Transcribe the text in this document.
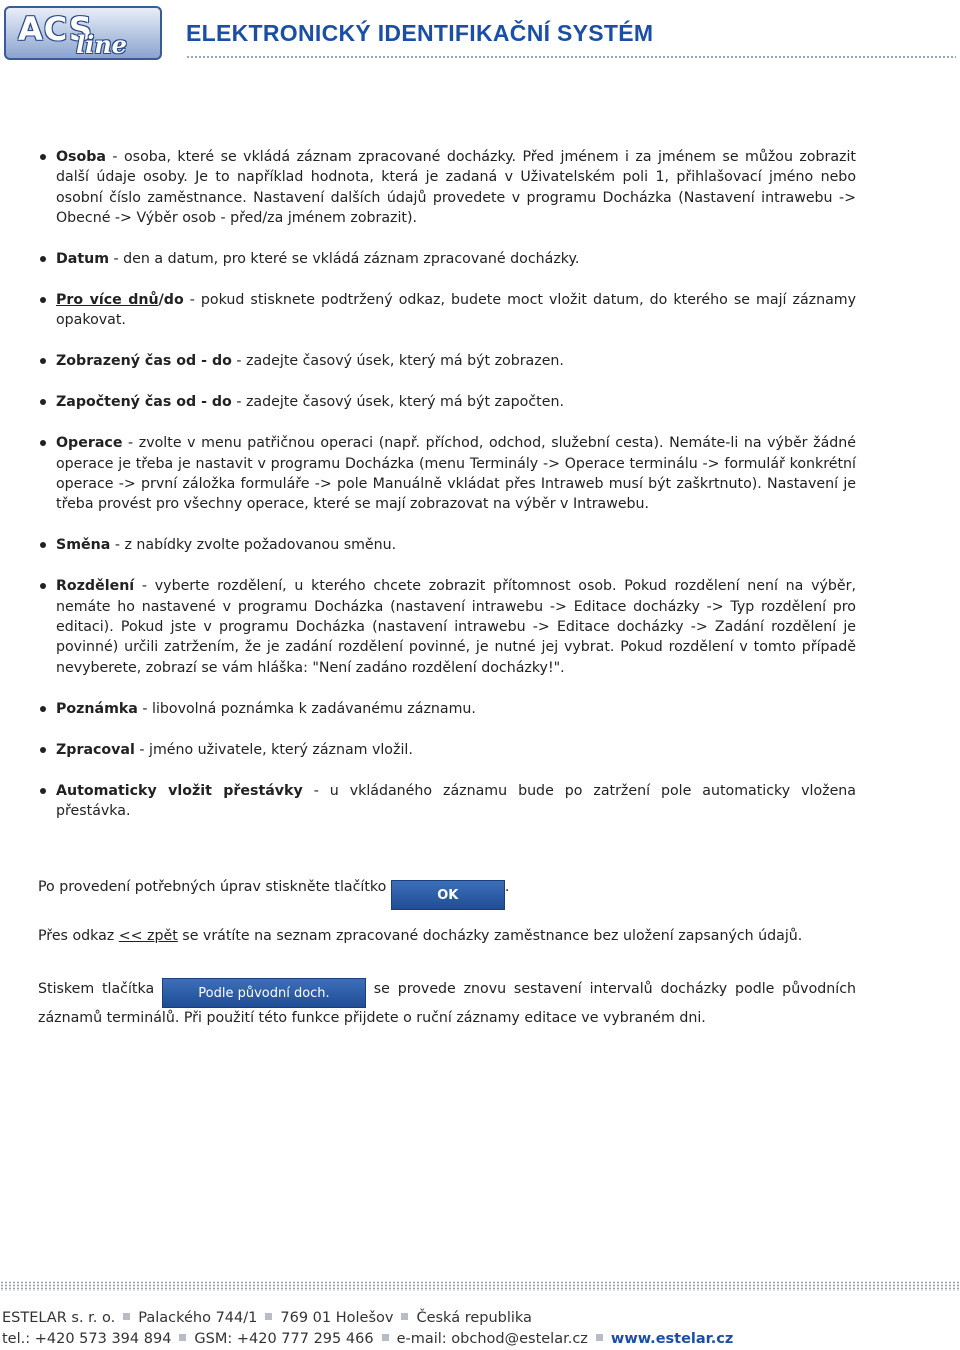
ACS
line	ELEKTRONICKÝ IDENTIFIKAČNÍ SYSTÉM
Osoba - osoba, které se vkládá záznam zpracované docházky. Před jménem i za jménem se můžou zobrazit další údaje osoby. Je to například hodnota, která je zadaná v Uživatelském poli 1, přihlašovací jméno nebo osobní číslo zaměstnance. Nastavení dalších údajů provedete v programu Docházka (Nastavení intrawebu -> Obecné -> Výběr osob - před/za jménem zobrazit).
Datum - den a datum, pro které se vkládá záznam zpracované docházky.
Pro více dnů/do - pokud stisknete podtržený odkaz, budete moct vložit datum, do kterého se mají záznamy opakovat.
Zobrazený čas od - do - zadejte časový úsek, který má být zobrazen.
Započtený čas od - do - zadejte časový úsek, který má být započten.
Operace - zvolte v menu patřičnou operaci (např. příchod, odchod, služební cesta). Nemáte-li na výběr žádné operace je třeba je nastavit v programu Docházka (menu Terminály -> Operace terminálu -> formulář konkrétní operace -> první záložka formuláře -> pole Manuálně vkládat přes Intraweb musí být zaškrtnuto). Nastavení je třeba provést pro všechny operace, které se mají zobrazovat na výběr v Intrawebu.
Směna - z nabídky zvolte požadovanou směnu.
Rozdělení - vyberte rozdělení, u kterého chcete zobrazit přítomnost osob. Pokud rozdělení není na výběr, nemáte ho nastavené v programu Docházka (nastavení intrawebu -> Editace docházky -> Typ rozdělení pro editaci). Pokud jste v programu Docházka (nastavení intrawebu -> Editace docházky -> Zadání rozdělení je povinné) určili zatržením, že je zadání rozdělení povinné, je nutné jej vybrat. Pokud rozdělení v tomto případě nevyberete, zobrazí se vám hláška: "Není zadáno rozdělení docházky!".
Poznámka - libovolná poznámka k zadávanému záznamu.
Zpracoval - jméno uživatele, který záznam vložil.
Automaticky vložit přestávky - u vkládaného záznamu bude po zatržení pole automaticky vložena přestávka.
Po provedení potřebných úprav stiskněte tlačítko OK.
Přes odkaz << zpět se vrátíte na seznam zpracované docházky zaměstnance bez uložení zapsaných údajů.
Stiskem tlačítka	Podle původní doch.	se provede znovu sestavení intervalů docházky podle původních záznamů terminálů. Při použití této funkce přijdete o ruční záznamy editace ve vybraném dni.
ESTELAR s. r. o. Palackého 744/1 769 01 Holešov Česká republika
tel.: +420 573 394 894 GSM: +420 777 295 466 e-mail: obchod@estelar.cz www.estelar.cz
